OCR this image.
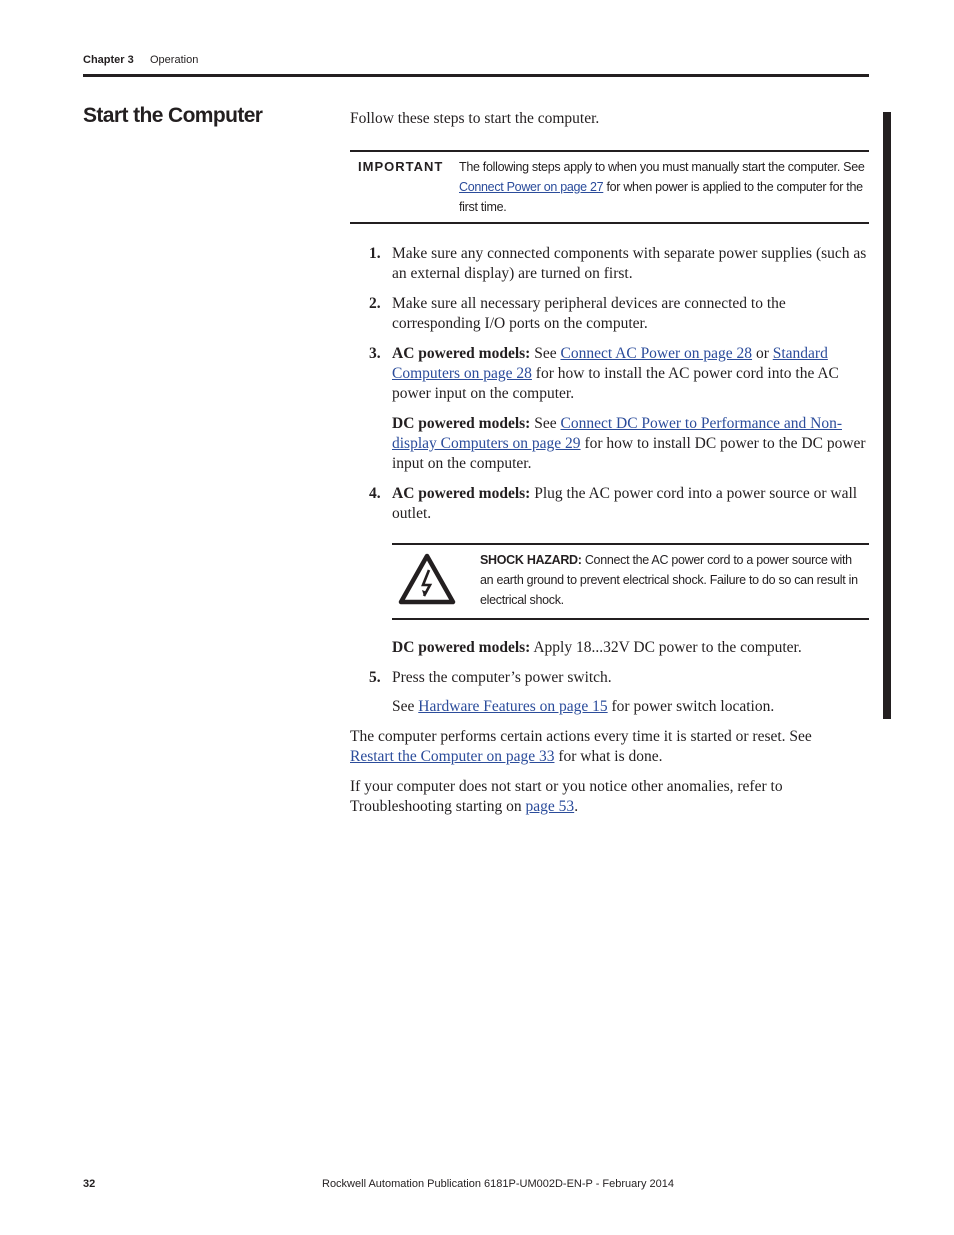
Chapter 3 Operation
Start the Computer	Follow these steps to start the computer.

IMPORTANT The following steps apply to when you must manually start the computer. See Connect Power on page 27 for when power is applied to the computer for the first time.
1. Make sure any connected components with separate power supplies (such as an external display) are turned on first.

2. Make sure all necessary peripheral devices are connected to the corresponding I/O ports on the computer.

3. AC powered models: See Connect AC Power on page 28 or Standard Computers on page 28 for how to install the AC power cord into the AC power input on the computer.

DC powered models: See Connect DC Power to Performance and Non-display Computers on page 29 for how to install DC power to the DC power input on the computer.

4. AC powered models: Plug the AC power cord into a power source or wall outlet.

SHOCK HAZARD: Connect the AC power cord to a power source with an earth ground to prevent electrical shock. Failure to do so can result in electrical shock.

DC powered models: Apply 18...32V DC power to the computer.

5. Press the computer’s power switch.

See Hardware Features on page 15 for power switch location.

The computer performs certain actions every time it is started or reset. See Restart the Computer on page 33 for what is done.

If your computer does not start or you notice other anomalies, refer to Troubleshooting starting on page 53.

32	Rockwell Automation Publication 6181P-UM002D-EN-P - February 2014
